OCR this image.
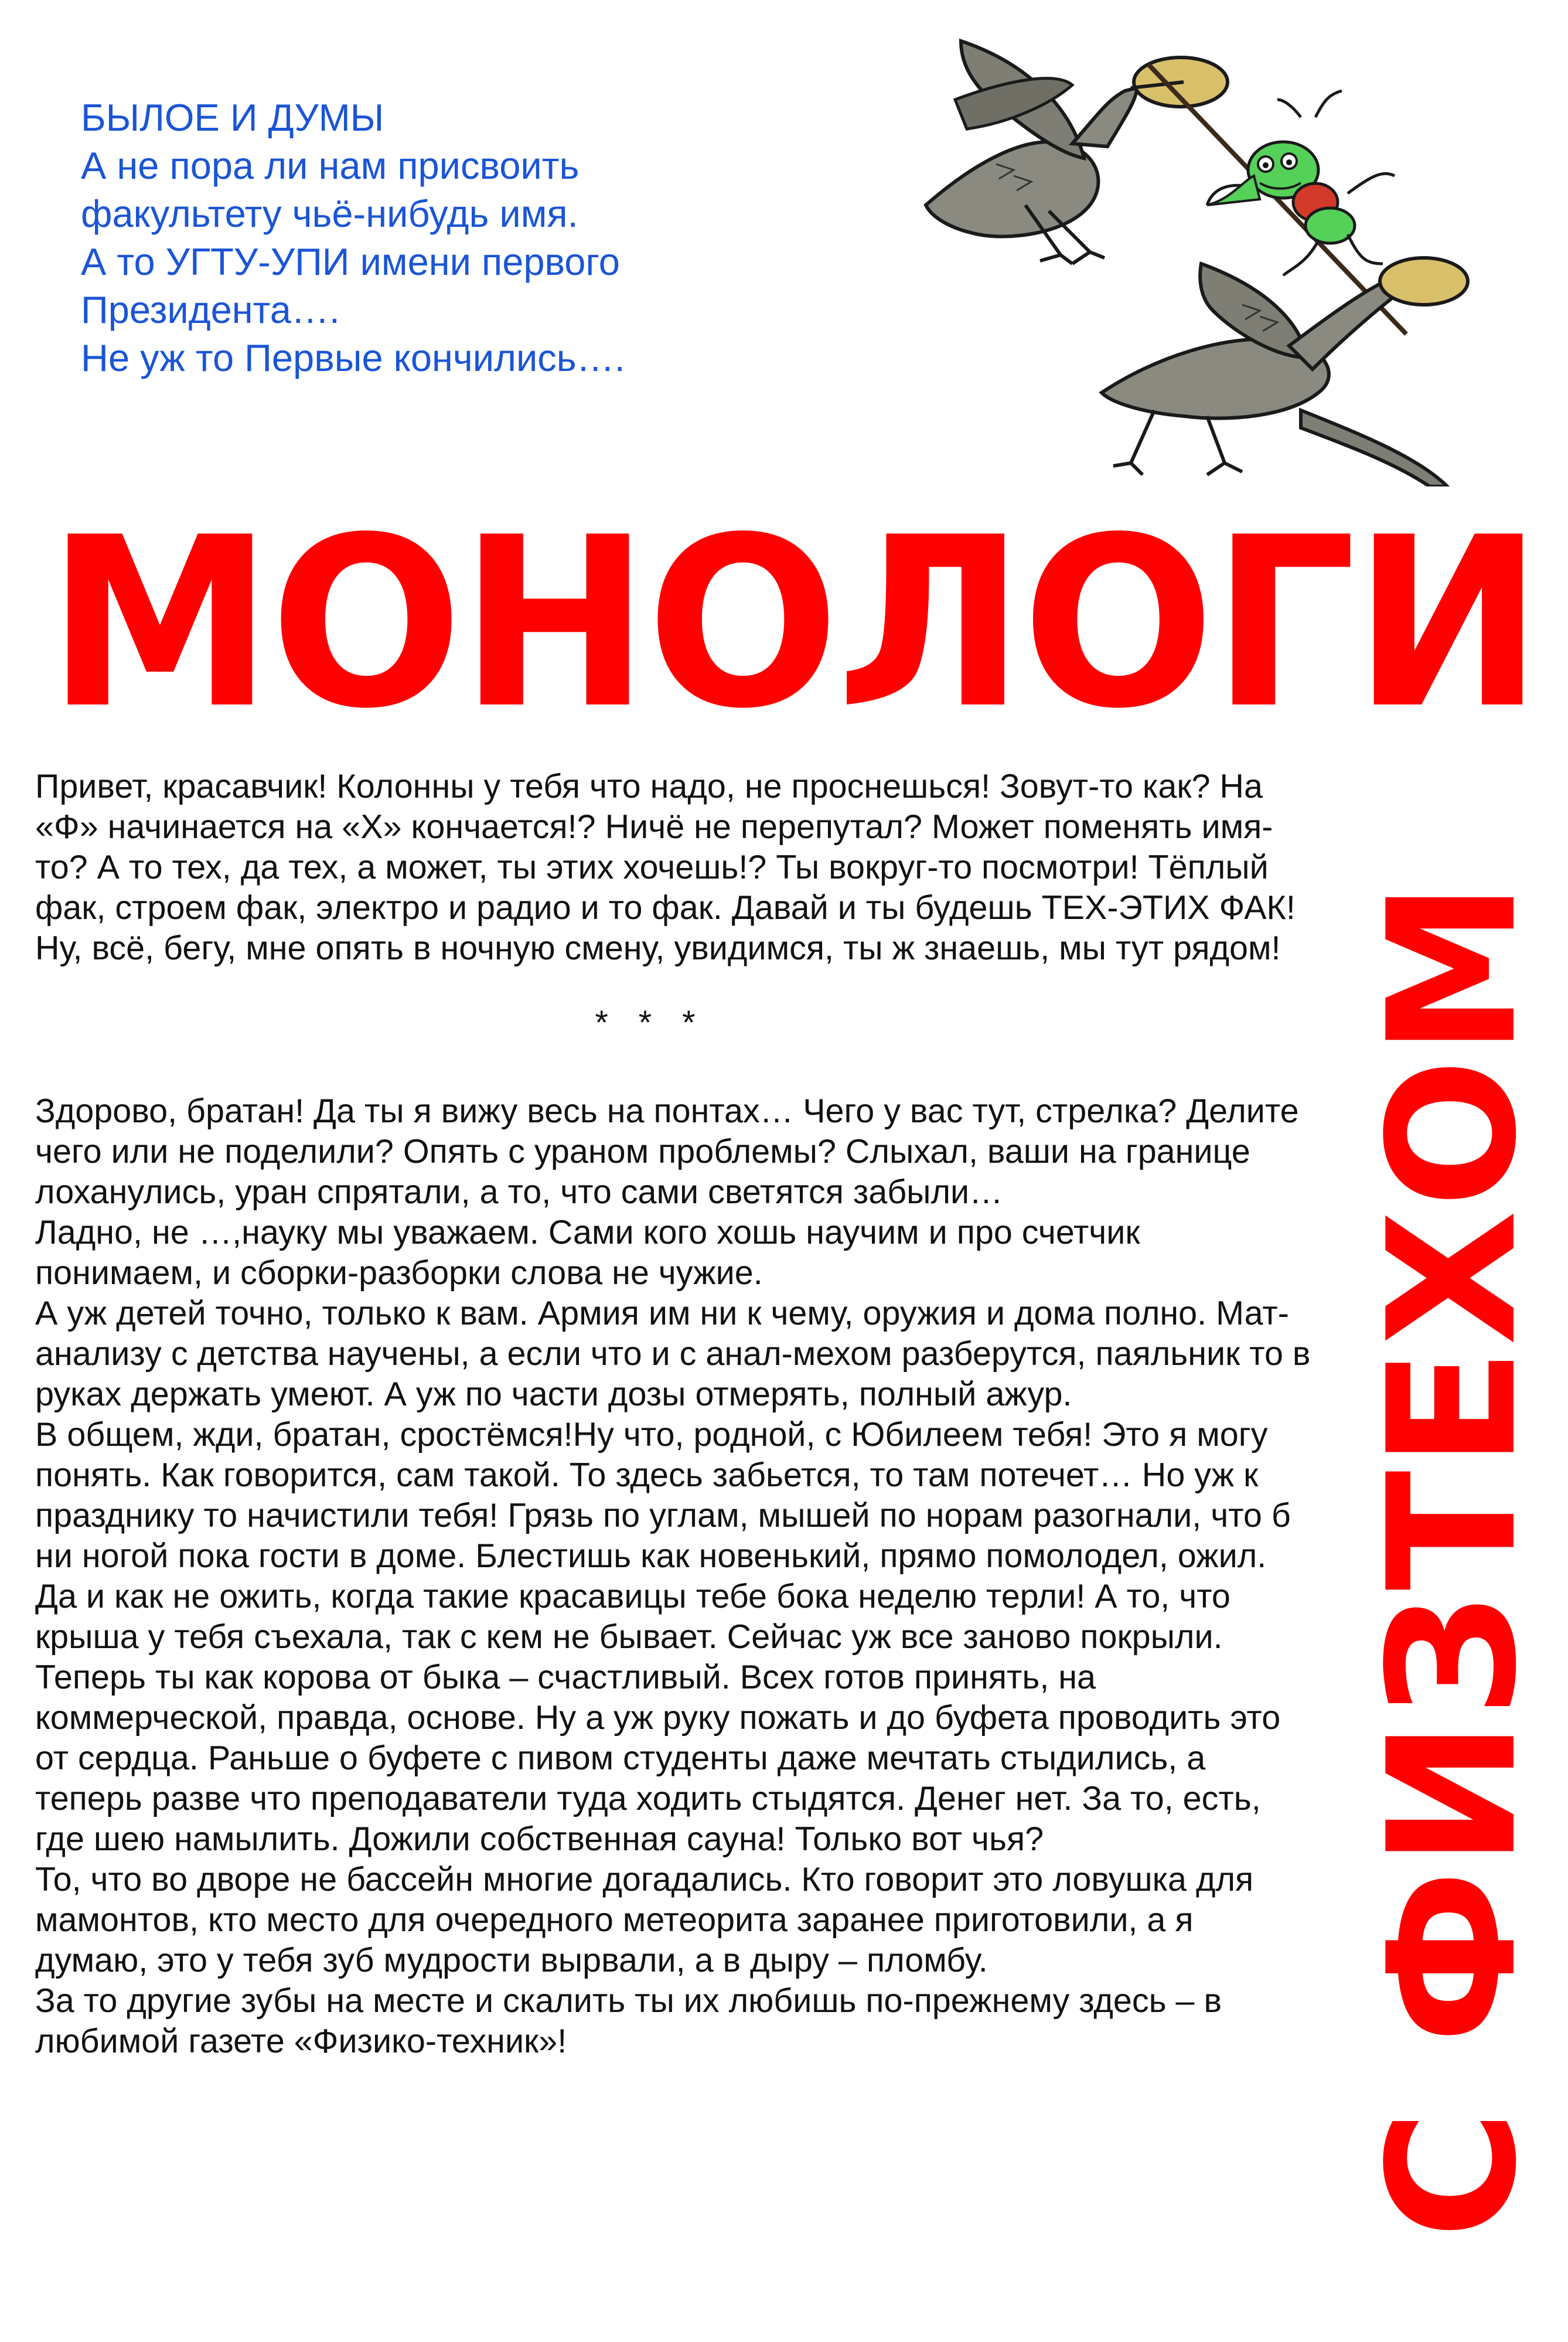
БЫЛОЕ И ДУМЫ
А не пора ли нам присвоить
факультету чьё-нибудь имя.
А то УГТУ-УПИ имени первого
Президента….
Не уж то Первые кончились….
МОНОЛОГИ
С ФИЗТЕХОМ

Привет, красавчик! Колонны у тебя что надо, не проснешься! Зовут-то как? На «Ф» начинается на «Х» кончается!? Ничё не перепутал? Может поменять имя-то? А то тех, да тех, а может, ты этих хочешь!? Ты вокруг-то посмотри! Тёплый фак, строем фак, электро и радио и то фак. Давай и ты будешь ТЕХ-ЭТИХ ФАК!

Ну, всё, бегу, мне опять в ночную смену, увидимся, ты ж знаешь, мы тут рядом!

* * *

Здорово, братан! Да ты я вижу весь на понтах… Чего у вас тут, стрелка? Делите чего или не поделили? Опять с ураном проблемы? Слыхал, ваши на границе лоханулись, уран спрятали, а то, что сами светятся забыли…

Ладно, не …,науку мы уважаем. Сами кого хошь научим и про счетчик понимаем, и сборки-разборки слова не чужие.

А уж детей точно, только к вам. Армия им ни к чему, оружия и дома полно. Мат-анализу с детства научены, а если что и с анал-мехом разберутся, паяльник то в руках держать умеют. А уж по части дозы отмерять, полный ажур.

В общем, жди, братан, сростёмся!Ну что, родной, с Юбилеем тебя! Это я могу понять. Как говорится, сам такой. То здесь забьется, то там потечет… Но уж к празднику то начистили тебя! Грязь по углам, мышей по норам разогнали, что б ни ногой пока гости в доме. Блестишь как новенький, прямо помолодел, ожил. Да и как не ожить, когда такие красавицы тебе бока неделю терли! А то, что крыша у тебя съехала, так с кем не бывает. Сейчас уж все заново покрыли. Теперь ты как корова от быка – счастливый. Всех готов принять, на коммерческой, правда, основе. Ну а уж руку пожать и до буфета проводить это от сердца. Раньше о буфете с пивом студенты даже мечтать стыдились, а теперь разве что преподаватели туда ходить стыдятся. Денег нет. За то, есть, где шею намылить. Дожили собственная сауна! Только вот чья?

То, что во дворе не бассейн многие догадались. Кто говорит это ловушка для мамонтов, кто место для очередного метеорита заранее приготовили, а я думаю, это у тебя зуб мудрости вырвали, а в дыру – пломбу.

За то другие зубы на месте и скалить ты их любишь по-прежнему здесь – в любимой газете «Физико-техник»!
